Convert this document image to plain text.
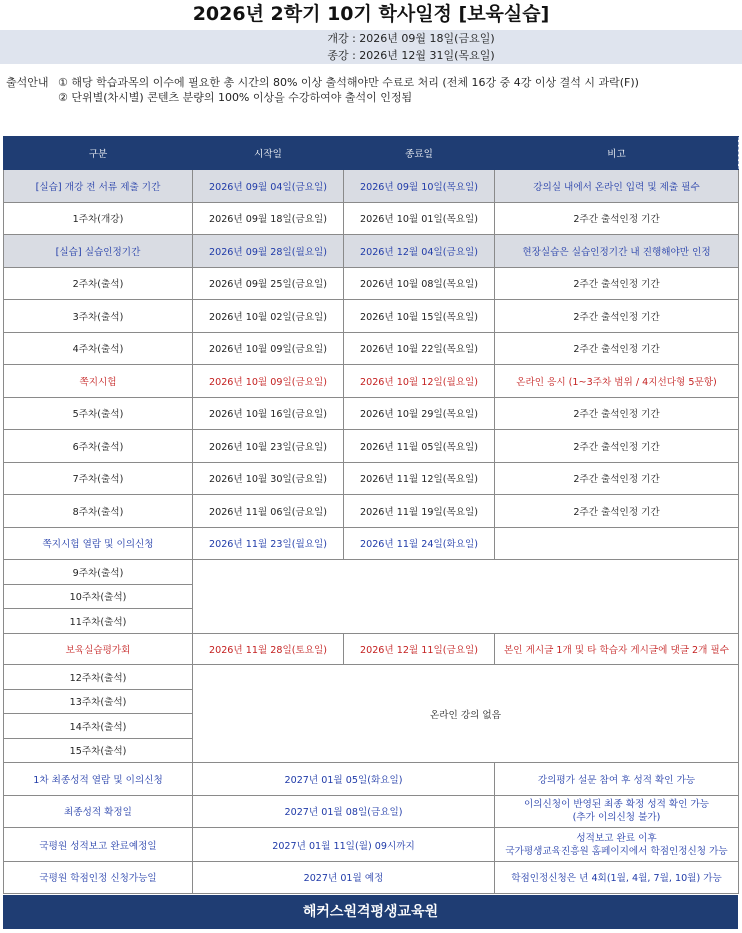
2026년 2학기 10기 학사일정 [보육실습]
개강 : 2026년 09월 18일(금요일)
종강 : 2026년 12월 31일(목요일)
출석안내 ① 해당 학습과목의 이수에 필요한 총 시간의 80% 이상 출석해야만 수료로 처리 (전체 16강 중 4강 이상 결석 시 과락(F))
② 단위별(차시별) 콘텐츠 분량의 100% 이상을 수강하여야 출석이 인정됨
구분	시작일	종료일	비고
[실습] 개강 전 서류 제출 기간	2026년 09월 04일(금요일)	2026년 09월 10일(목요일)	강의실 내에서 온라인 입력 및 제출 필수
1주차(개강)	2026년 09월 18일(금요일)	2026년 10월 01일(목요일)	2주간 출석인정 기간
[실습] 실습인정기간	2026년 09월 28일(월요일)	2026년 12월 04일(금요일)	현장실습은 실습인정기간 내 진행해야만 인정
2주차(출석)	2026년 09월 25일(금요일)	2026년 10월 08일(목요일)	2주간 출석인정 기간
3주차(출석)	2026년 10월 02일(금요일)	2026년 10월 15일(목요일)	2주간 출석인정 기간
4주차(출석)	2026년 10월 09일(금요일)	2026년 10월 22일(목요일)	2주간 출석인정 기간
쪽지시험	2026년 10월 09일(금요일)	2026년 10월 12일(월요일)	온라인 응시 (1~3주차 범위 / 4지선다형 5문항)
5주차(출석)	2026년 10월 16일(금요일)	2026년 10월 29일(목요일)	2주간 출석인정 기간
6주차(출석)	2026년 10월 23일(금요일)	2026년 11월 05일(목요일)	2주간 출석인정 기간
7주차(출석)	2026년 10월 30일(금요일)	2026년 11월 12일(목요일)	2주간 출석인정 기간
8주차(출석)	2026년 11월 06일(금요일)	2026년 11월 19일(목요일)	2주간 출석인정 기간
쪽지시험 열람 및 이의신청	2026년 11월 23일(월요일)	2026년 11월 24일(화요일)	
9주차(출석)			
10주차(출석)			
11주차(출석)			
보육실습평가회	2026년 11월 28일(토요일)	2026년 12월 11일(금요일)	본인 게시글 1개 및 타 학습자 게시글에 댓글 2개 필수
12주차(출석)	온라인 강의 없음		
13주차(출석)			
14주차(출석)			
15주차(출석)			
1차 최종성적 열람 및 이의신청	2027년 01월 05일(화요일)		강의평가 설문 참여 후 성적 확인 가능
최종성적 확정일	2027년 01월 08일(금요일)		이의신청이 반영된 최종 확정 성적 확인 가능
(추가 이의신청 불가)

국평원 성적보고 완료예정일	2027년 01월 11일(월) 09시까지		성적보고 완료 이후
국가평생교육진흥원 홈페이지에서 학점인정신청 가능

국평원 학점인정 신청가능일	2027년 01월 예정		학점인정신청은 년 4회(1월, 4월, 7월, 10월) 가능
해커스원격평생교육원
